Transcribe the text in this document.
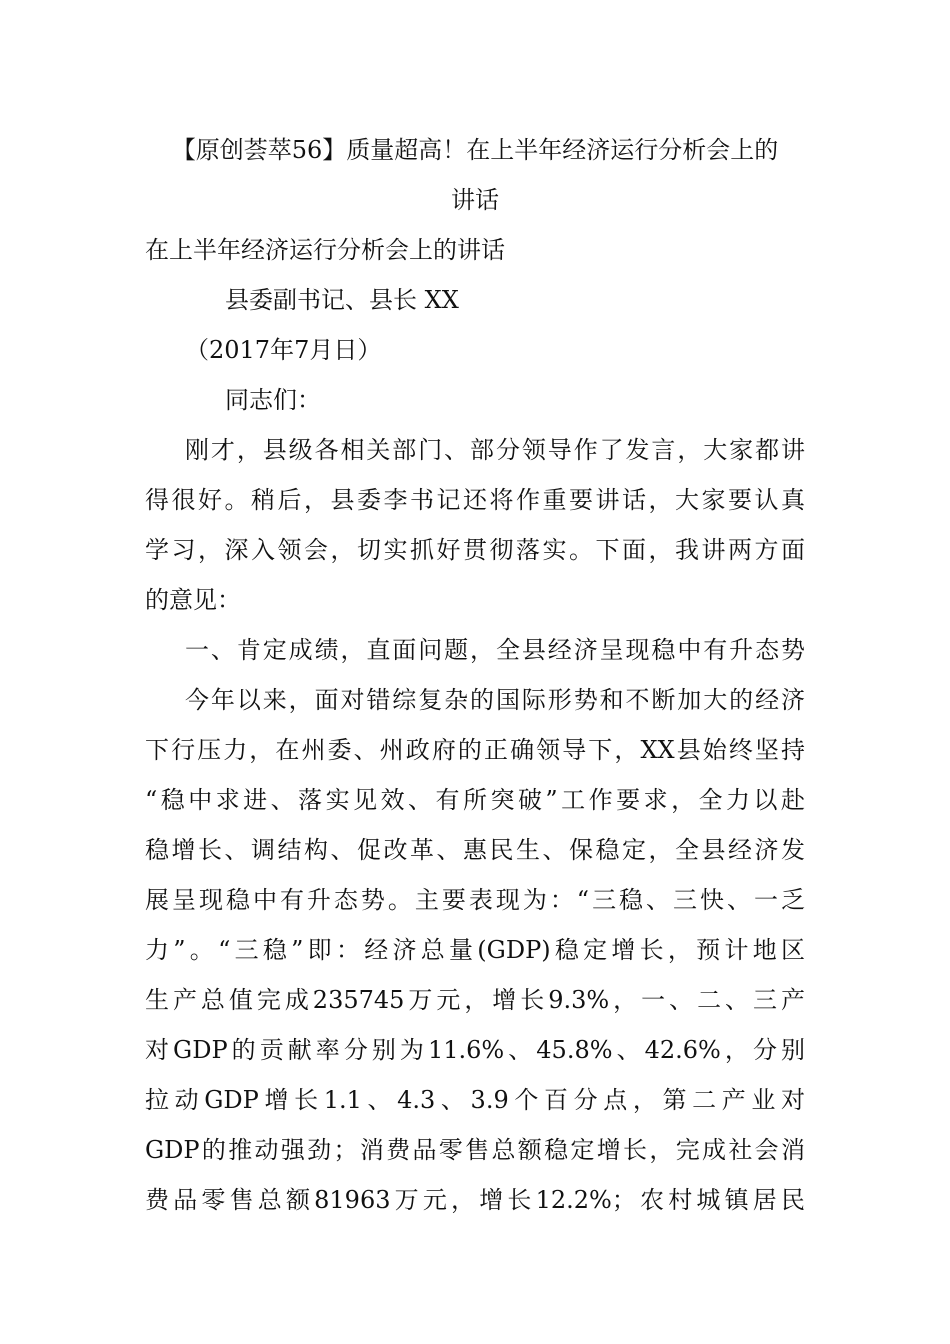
【原创荟萃56】质量超高！在上半年经济运行分析会上的
讲话
在上半年经济运行分析会上的讲话
县委副书记、县长 XX
（2017年7月日）
同志们：
刚才，县级各相关部门、部分领导作了发言，大家都讲
得很好。稍后，县委李书记还将作重要讲话，大家要认真
学习，深入领会，切实抓好贯彻落实。下面，我讲两方面
的意见：
一、肯定成绩，直面问题，全县经济呈现稳中有升态势
今年以来，面对错综复杂的国际形势和不断加大的经济
下行压力，在州委、州政府的正确领导下，XX县始终坚持
“稳中求进、落实见效、有所突破”工作要求，全力以赴
稳增长、调结构、促改革、惠民生、保稳定，全县经济发
展呈现稳中有升态势。主要表现为：“三稳、三快、一乏
力”。“三稳”即：经济总量(GDP)稳定增长，预计地区
生产总值完成235745万元，增长9.3%，一、二、三产
对GDP的贡献率分别为11.6%、45.8%、42.6%，分别
拉动GDP增长1.1、4.3、3.9个百分点，第二产业对
GDP的推动强劲；消费品零售总额稳定增长，完成社会消
费品零售总额81963万元，增长12.2%；农村城镇居民
